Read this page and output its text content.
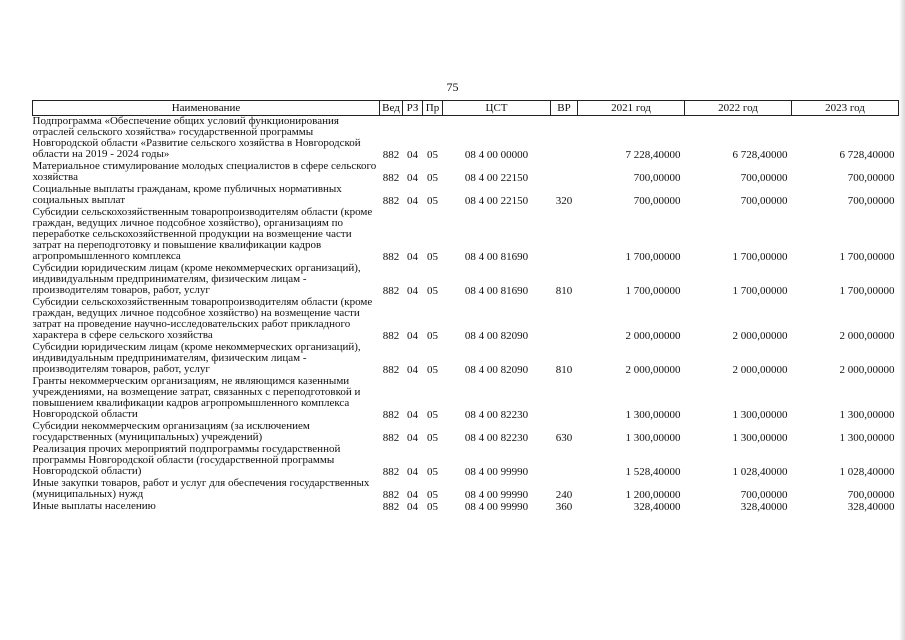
75
Наименование	Вед	РЗ	Пр	ЦСТ	ВР	2021 год	2022 год	2023 год
Подпрограмма «Обеспечение общих условий функционирования отраслей сельского хозяйства» государственной программы Новгородской области «Развитие сельского хозяйства в Новгородской области на 2019 - 2024 годы»	882	04	05	08 4 00 00000		7 228,40000	6 728,40000	6 728,40000
Материальное стимулирование молодых специалистов в сфере сельского хозяйства	882	04	05	08 4 00 22150		700,00000	700,00000	700,00000
Социальные выплаты гражданам, кроме публичных нормативных социальных выплат	882	04	05	08 4 00 22150	320	700,00000	700,00000	700,00000
Субсидии сельскохозяйственным товаропроизводителям области (кроме граждан, ведущих личное подсобное хозяйство), организациям по переработке сельскохозяйственной продукции на возмещение части затрат на переподготовку и повышение квалификации кадров агропромышленного комплекса	882	04	05	08 4 00 81690		1 700,00000	1 700,00000	1 700,00000
Субсидии юридическим лицам (кроме некоммерческих организаций), индивидуальным предпринимателям, физическим лицам - производителям товаров, работ, услуг	882	04	05	08 4 00 81690	810	1 700,00000	1 700,00000	1 700,00000
Субсидии сельскохозяйственным товаропроизводителям области (кроме граждан, ведущих личное подсобное хозяйство) на возмещение части затрат на проведение научно-исследовательских работ прикладного характера в сфере сельского хозяйства	882	04	05	08 4 00 82090		2 000,00000	2 000,00000	2 000,00000
Субсидии юридическим лицам (кроме некоммерческих организаций), индивидуальным предпринимателям, физическим лицам - производителям товаров, работ, услуг	882	04	05	08 4 00 82090	810	2 000,00000	2 000,00000	2 000,00000
Гранты некоммерческим организациям, не являющимся казенными учреждениями, на возмещение затрат, связанных с переподготовкой и повышением квалификации кадров агропромышленного комплекса Новгородской области	882	04	05	08 4 00 82230		1 300,00000	1 300,00000	1 300,00000
Субсидии некоммерческим организациям (за исключением государственных (муниципальных) учреждений)	882	04	05	08 4 00 82230	630	1 300,00000	1 300,00000	1 300,00000
Реализация прочих мероприятий подпрограммы государственной программы Новгородской области (государственной программы Новгородской области)	882	04	05	08 4 00 99990		1 528,40000	1 028,40000	1 028,40000
Иные закупки товаров, работ и услуг для обеспечения государственных (муниципальных) нужд	882	04	05	08 4 00 99990	240	1 200,00000	700,00000	700,00000
Иные выплаты населению	882	04	05	08 4 00 99990	360	328,40000	328,40000	328,40000
